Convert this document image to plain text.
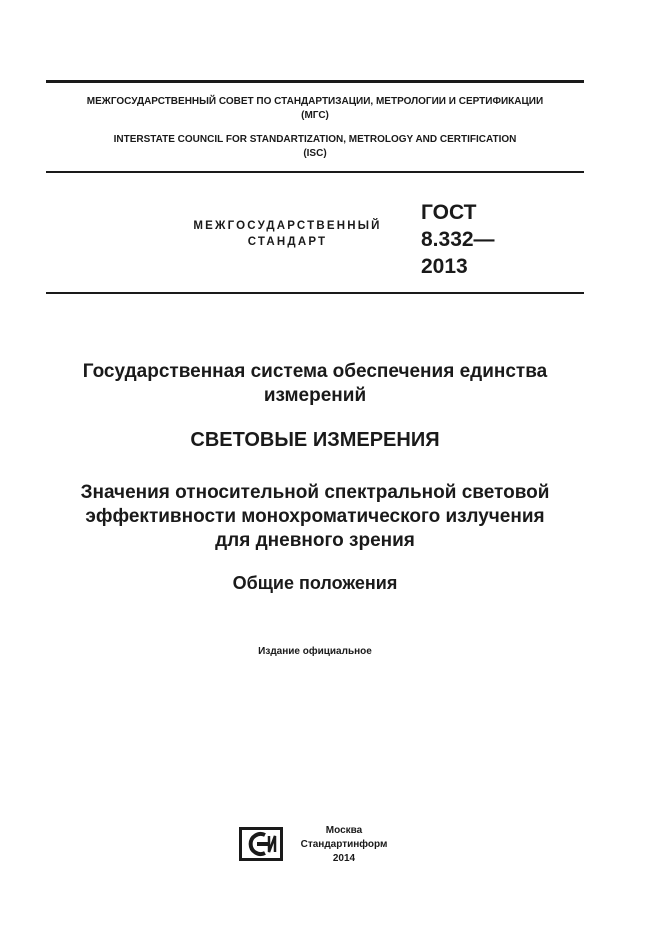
МЕЖГОСУДАРСТВЕННЫЙ СОВЕТ ПО СТАНДАРТИЗАЦИИ, МЕТРОЛОГИИ И СЕРТИФИКАЦИИ
(МГС)
INTERSTATE COUNCIL FOR STANDARTIZATION, METROLOGY AND CERTIFICATION
(ISC)
МЕЖГОСУДАРСТВЕННЫЙ
СТАНДАРТ
ГОСТ
8.332—
2013
Государственная система обеспечения единства
измерений
СВЕТОВЫЕ ИЗМЕРЕНИЯ
Значения относительной спектральной световой
эффективности монохроматического излучения
для дневного зрения
Общие положения
Издание официальное
Москва
Стандартинформ
2014
